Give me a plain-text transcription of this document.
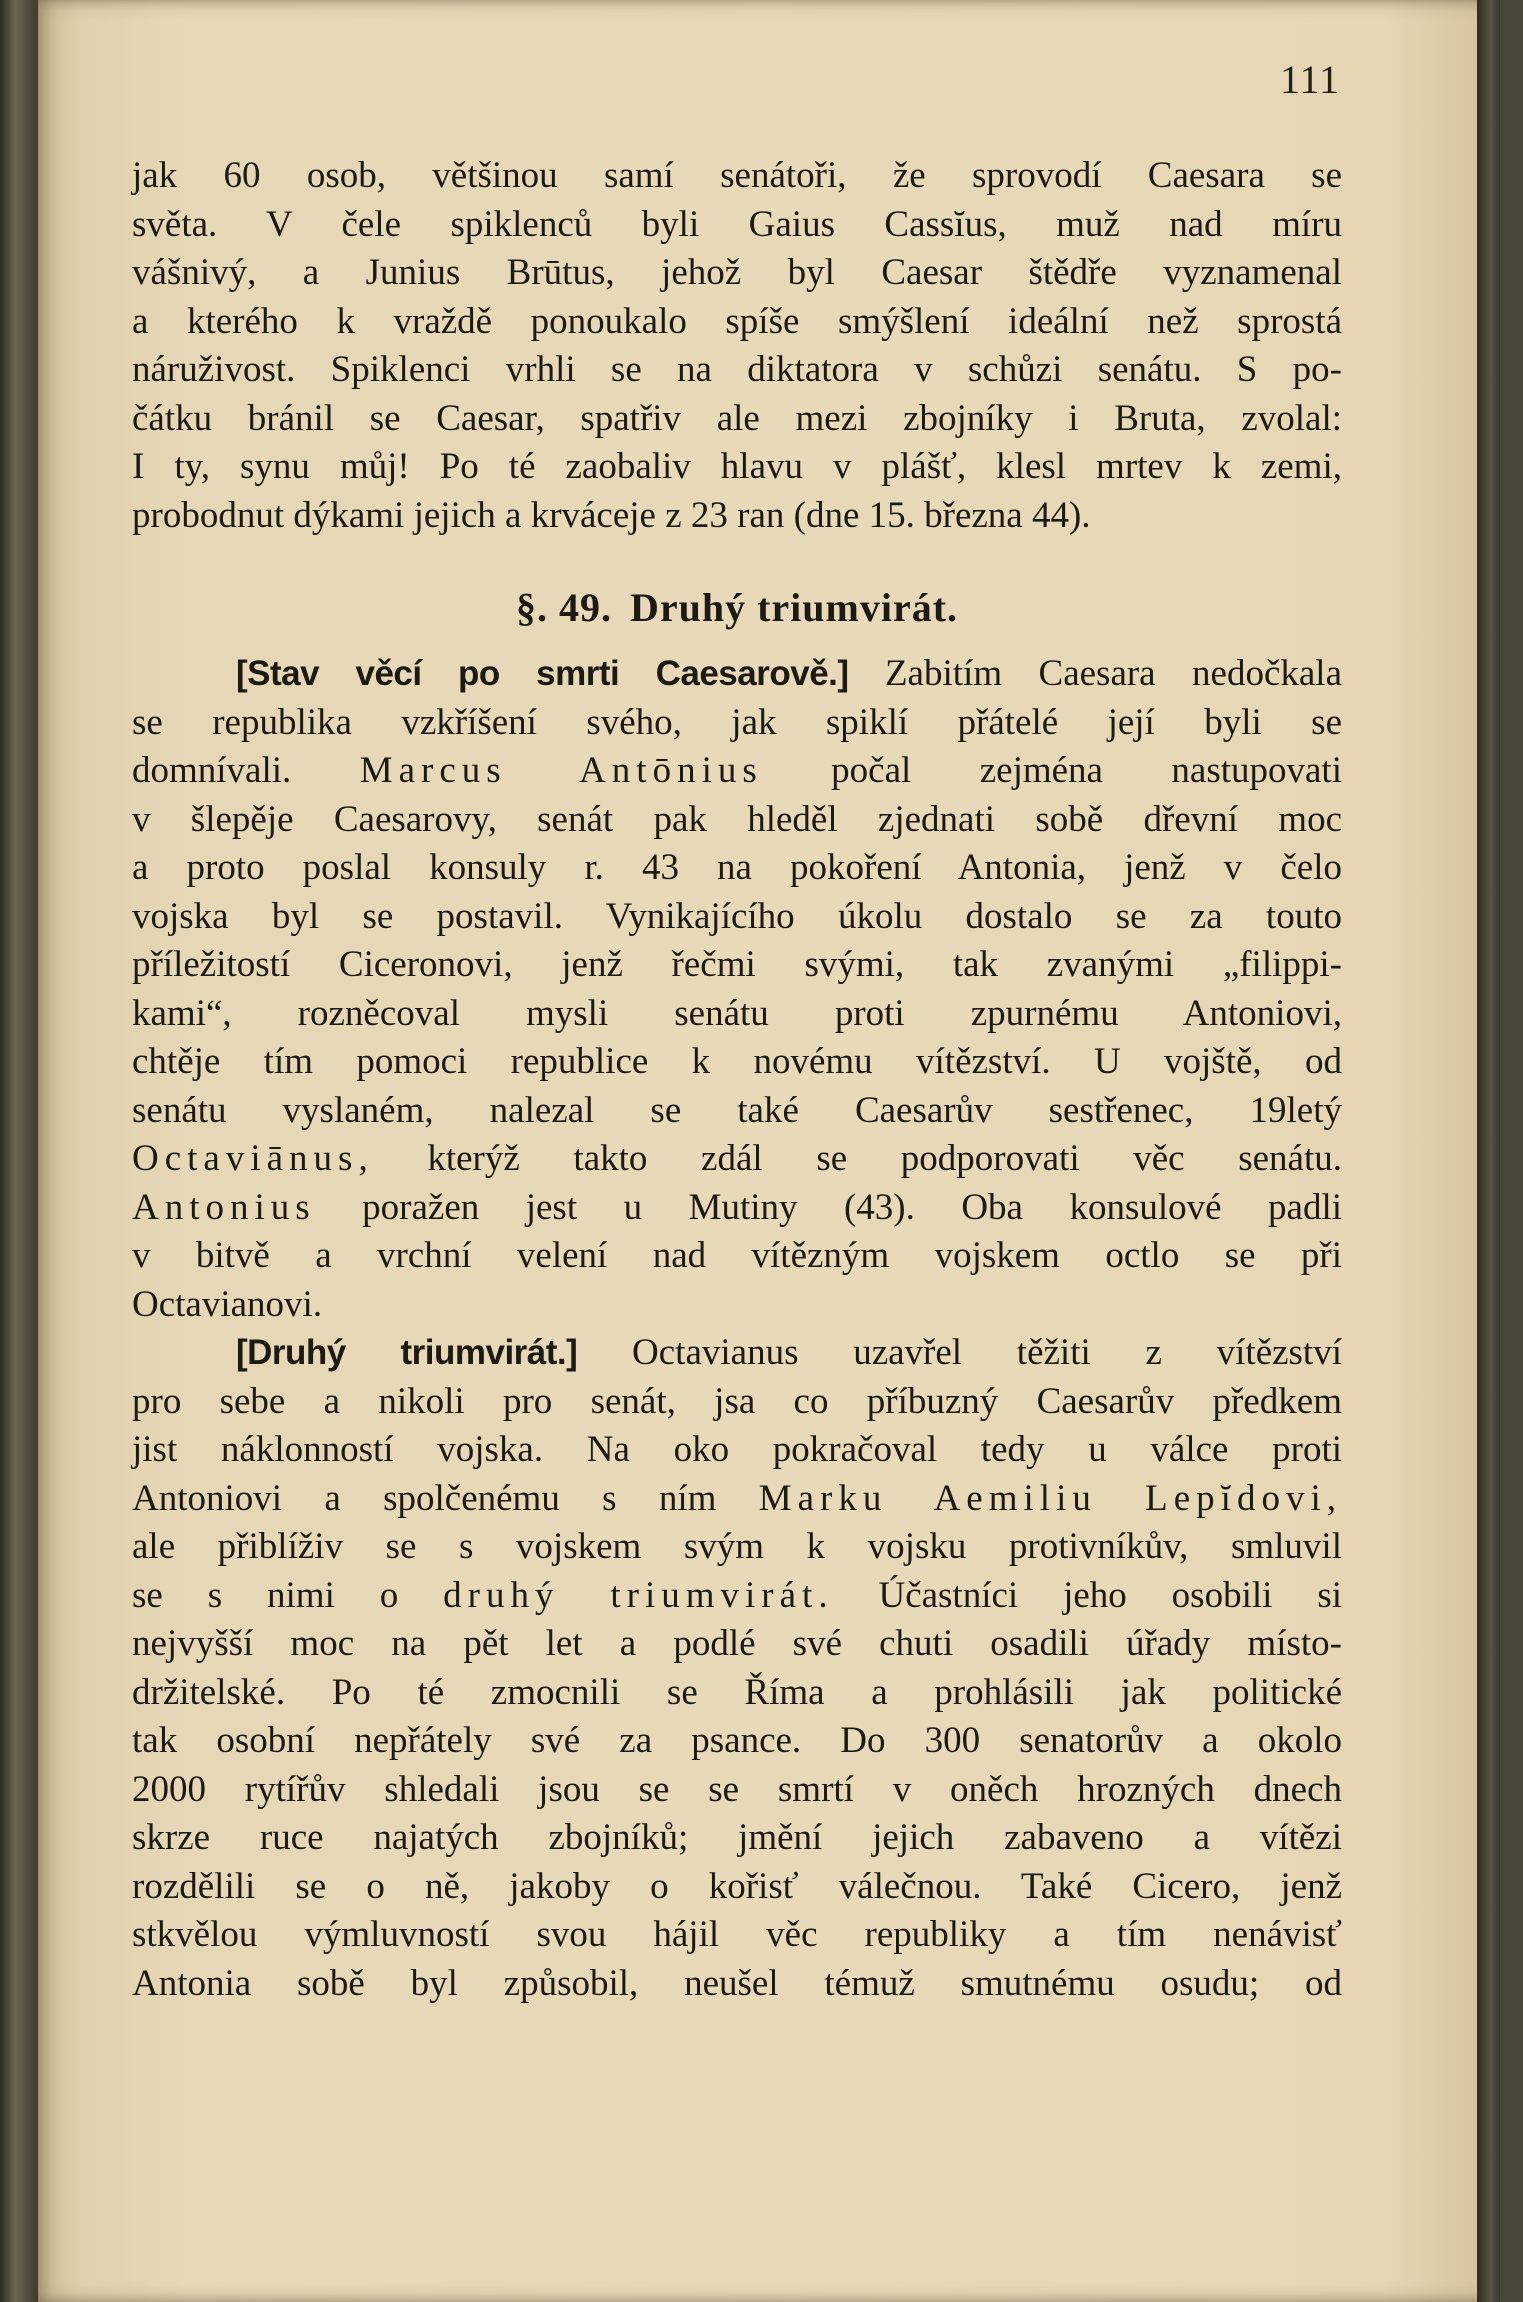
111
jak 60 osob, většinou samí senátoři, že sprovodí Caesara se
světa. V čele spiklenců byli Gaius Cassĭus, muž nad míru
vášnivý, a Junius Brūtus, jehož byl Caesar štědře vyznamenal
a kterého k vraždě ponoukalo spíše smýšlení ideální než sprostá
náruživost. Spiklenci vrhli se na diktatora v schůzi senátu. S po-
čátku bránil se Caesar, spatřiv ale mezi zbojníky i Bruta, zvolal:
I ty, synu můj! Po té zaobaliv hlavu v plášť, klesl mrtev k zemi,
probodnut dýkami jejich a krváceje z 23 ran (dne 15. března 44).
§. 49. Druhý triumvirát.
[Stav věcí po smrti Caesarově.] Zabitím Caesara nedočkala
se republika vzkříšení svého, jak spiklí přátelé její byli se
domnívali. Marcus Antōnius počal zejména nastupovati
v šlepěje Caesarovy, senát pak hleděl zjednati sobě dřevní moc
a proto poslal konsuly r. 43 na pokoření Antonia, jenž v čelo
vojska byl se postavil. Vynikajícího úkolu dostalo se za touto
příležitostí Ciceronovi, jenž řečmi svými, tak zvanými „filippi-
kami“, rozněcoval mysli senátu proti zpurnému Antoniovi,
chtěje tím pomoci republice k novému vítězství. U vojště, od
senátu vyslaném, nalezal se také Caesarův sestřenec, 19letý
Octaviānus, kterýž takto zdál se podporovati věc senátu.
Antonius poražen jest u Mutiny (43). Oba konsulové padli
v bitvě a vrchní velení nad vítězným vojskem octlo se při
Octavianovi.
[Druhý triumvirát.] Octavianus uzavřel těžiti z vítězství
pro sebe a nikoli pro senát, jsa co příbuzný Caesarův předkem
jist náklonností vojska. Na oko pokračoval tedy u válce proti
Antoniovi a spolčenému s ním Marku Aemiliu Lepĭdovi,
ale přiblíživ se s vojskem svým k vojsku protivníkův, smluvil
se s nimi o druhý triumvirát. Účastníci jeho osobili si
nejvyšší moc na pět let a podlé své chuti osadili úřady místo-
držitelské. Po té zmocnili se Říma a prohlásili jak politické
tak osobní nepřátely své za psance. Do 300 senatorův a okolo
2000 rytířův shledali jsou se se smrtí v oněch hrozných dnech
skrze ruce najatých zbojníků; jmění jejich zabaveno a vítězi
rozdělili se o ně, jakoby o kořisť válečnou. Také Cicero, jenž
stkvělou výmluvností svou hájil věc republiky a tím nenávisť
Antonia sobě byl způsobil, neušel témuž smutnému osudu; od
